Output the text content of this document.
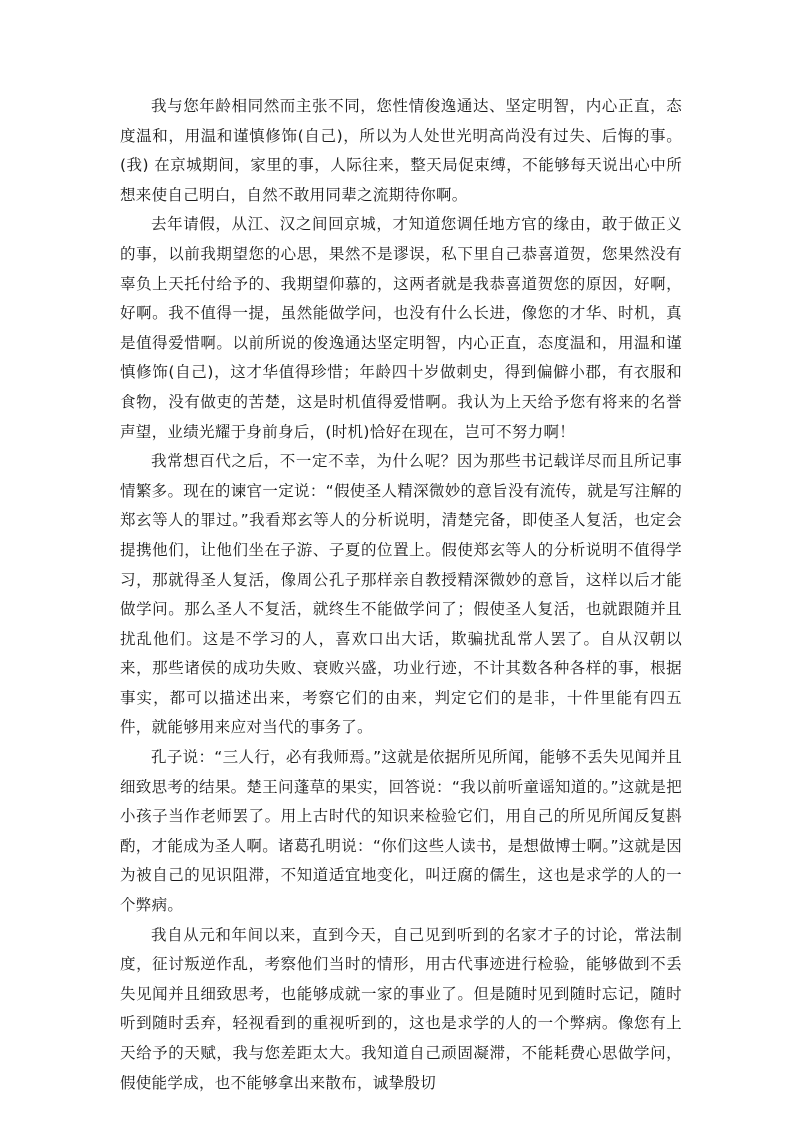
我与您年龄相同然而主张不同，您性情俊逸通达、坚定明智，内心正直，态度温和，用温和谨慎修饰(自己)，所以为人处世光明高尚没有过失、后悔的事。(我) 在京城期间，家里的事，人际往来，整天局促束缚，不能够每天说出心中所想来使自己明白，自然不敢用同辈之流期待你啊。

去年请假，从江、汉之间回京城，才知道您调任地方官的缘由，敢于做正义的事，以前我期望您的心思，果然不是谬误，私下里自己恭喜道贺，您果然没有辜负上天托付给予的、我期望仰慕的，这两者就是我恭喜道贺您的原因，好啊，好啊。我不值得一提，虽然能做学问，也没有什么长进，像您的才华、时机，真是值得爱惜啊。以前所说的俊逸通达坚定明智，内心正直，态度温和，用温和谨慎修饰(自己)，这才华值得珍惜；年龄四十岁做刺史，得到偏僻小郡，有衣服和食物，没有做吏的苦楚，这是时机值得爱惜啊。我认为上天给予您有将来的名誉声望，业绩光耀于身前身后，(时机)恰好在现在，岂可不努力啊！

我常想百代之后，不一定不幸，为什么呢？因为那些书记载详尽而且所记事情繁多。现在的谏官一定说：“假使圣人精深微妙的意旨没有流传，就是写注解的郑玄等人的罪过。”我看郑玄等人的分析说明，清楚完备，即使圣人复活，也定会提携他们，让他们坐在子游、子夏的位置上。假使郑玄等人的分析说明不值得学习，那就得圣人复活，像周公孔子那样亲自教授精深微妙的意旨，这样以后才能做学问。那么圣人不复活，就终生不能做学问了；假使圣人复活，也就跟随并且扰乱他们。这是不学习的人，喜欢口出大话，欺骗扰乱常人罢了。自从汉朝以来，那些诸侯的成功失败、衰败兴盛，功业行迹，不计其数各种各样的事，根据事实，都可以描述出来，考察它们的由来，判定它们的是非，十件里能有四五件，就能够用来应对当代的事务了。

孔子说：“三人行，必有我师焉。”这就是依据所见所闻，能够不丢失见闻并且细致思考的结果。楚王问蓬草的果实，回答说：“我以前听童谣知道的。”这就是把小孩子当作老师罢了。用上古时代的知识来检验它们，用自己的所见所闻反复斟酌，才能成为圣人啊。诸葛孔明说：“你们这些人读书，是想做博士啊。”这就是因为被自己的见识阻滞，不知道适宜地变化，叫迂腐的儒生，这也是求学的人的一个弊病。

我自从元和年间以来，直到今天，自己见到听到的名家才子的讨论，常法制度，征讨叛逆作乱，考察他们当时的情形，用古代事迹进行检验，能够做到不丢失见闻并且细致思考，也能够成就一家的事业了。但是随时见到随时忘记，随时听到随时丢弃，轻视看到的重视听到的，这也是求学的人的一个弊病。像您有上天给予的天赋，我与您差距太大。我知道自己顽固凝滞，不能耗费心思做学问，假使能学成，也不能够拿出来散布，诚挚殷切
